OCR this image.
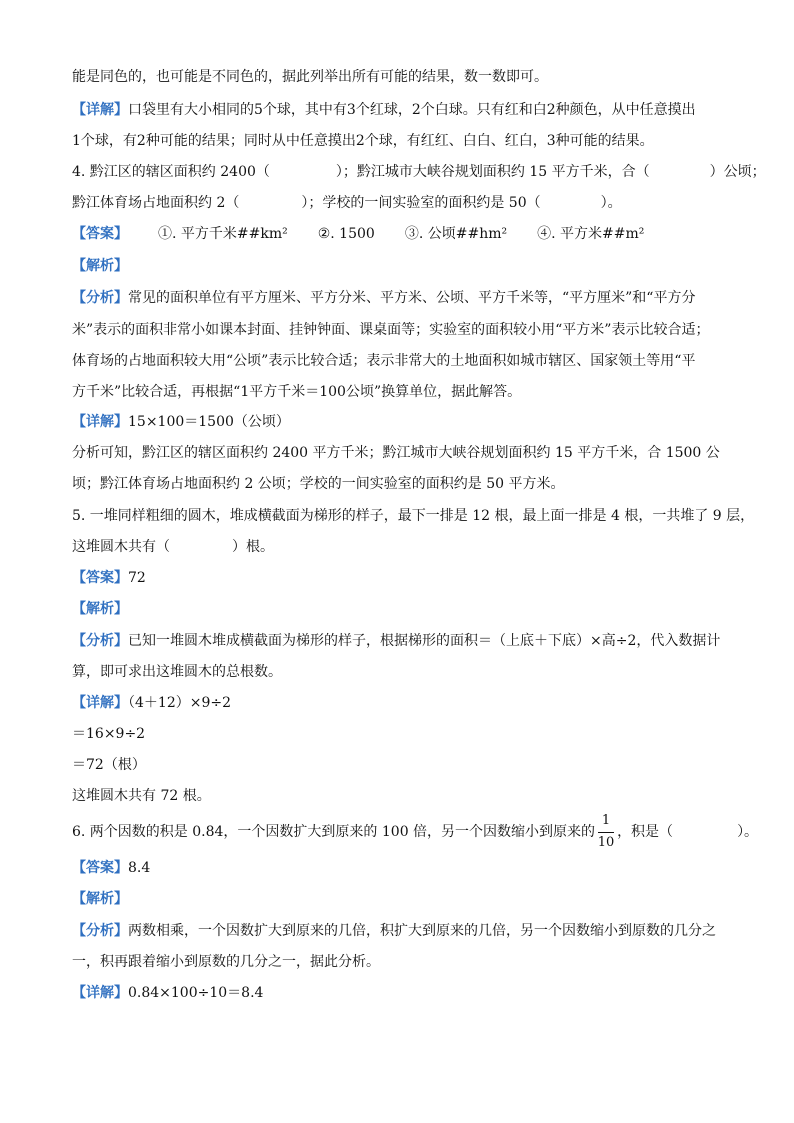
能是同色的，也可能是不同色的，据此列举出所有可能的结果，数一数即可。
【详解】口袋里有大小相同的5个球，其中有3个红球，2个白球。只有红和白2种颜色，从中任意摸出
1个球，有2种可能的结果；同时从中任意摸出2个球，有红红、白白、红白，3种可能的结果。
4. 黔江区的辖区面积约 2400（	）；黔江城市大峡谷规划面积约 15 平方千米，合（	）公顷；
黔江体育场占地面积约 2（	）；学校的一间实验室的面积约是 50（	）。
【答案】 ①. 平方千米##km² ②. 1500 ③. 公顷##hm² ④. 平方米##m²
【解析】
【分析】常见的面积单位有平方厘米、平方分米、平方米、公顷、平方千米等，“平方厘米”和“平方分
米”表示的面积非常小如课本封面、挂钟钟面、课桌面等；实验室的面积较小用“平方米”表示比较合适；
体育场的占地面积较大用“公顷”表示比较合适；表示非常大的土地面积如城市辖区、国家领土等用“平
方千米”比较合适，再根据“1平方千米＝100公顷”换算单位，据此解答。
【详解】15×100＝1500（公顷）
分析可知，黔江区的辖区面积约 2400 平方千米；黔江城市大峡谷规划面积约 15 平方千米，合 1500 公
顷；黔江体育场占地面积约 2 公顷；学校的一间实验室的面积约是 50 平方米。
5. 一堆同样粗细的圆木，堆成横截面为梯形的样子，最下一排是 12 根，最上面一排是 4 根，一共堆了 9 层，
这堆圆木共有（	）根。
【答案】72
【解析】
【分析】已知一堆圆木堆成横截面为梯形的样子，根据梯形的面积＝（上底＋下底）×高÷2，代入数据计
算，即可求出这堆圆木的总根数。
【详解】（4＋12）×9÷2
＝16×9÷2
＝72（根）
这堆圆木共有 72 根。
6. 两个因数的积是 0.84，一个因数扩大到原来的 100 倍，另一个因数缩小到原来的 $\frac{1}{10}$ ，积是（	）。
【答案】8.4
【解析】
【分析】两数相乘，一个因数扩大到原来的几倍，积扩大到原来的几倍，另一个因数缩小到原数的几分之
一，积再跟着缩小到原数的几分之一，据此分析。
【详解】0.84×100÷10＝8.4
